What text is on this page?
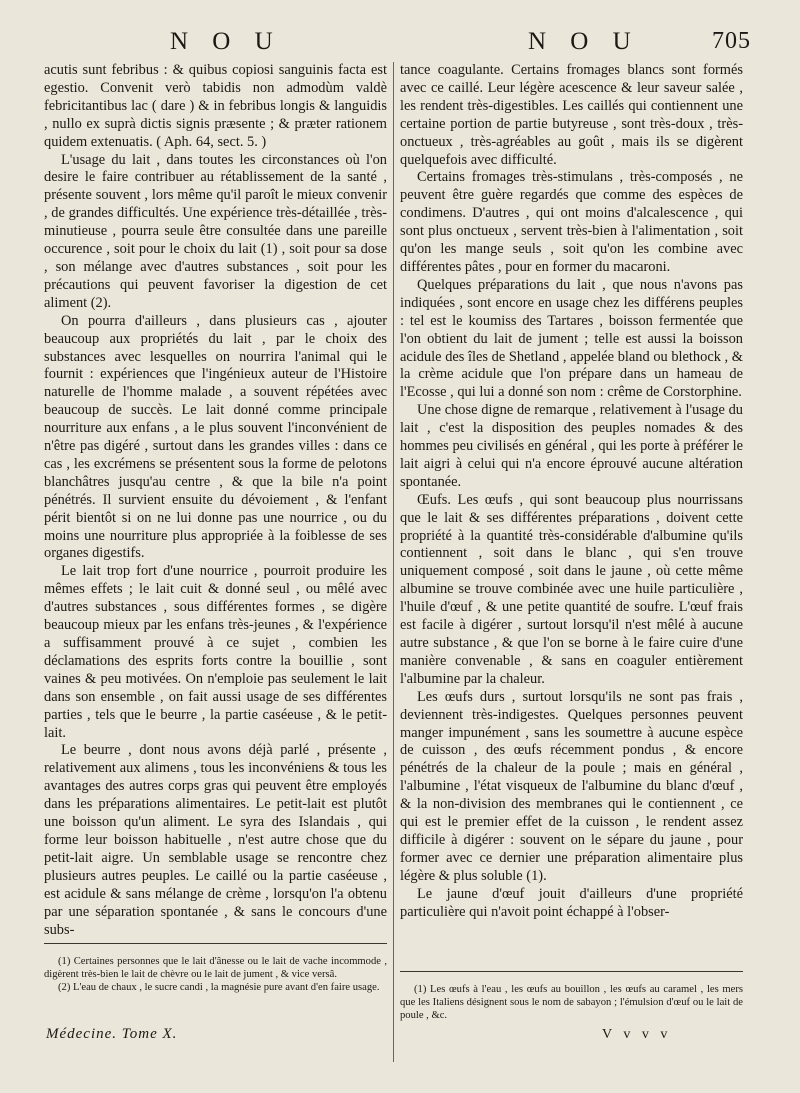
N O U	N O U	705

acutis sunt febribus : & quibus copiosi sanguinis facta est egestio. Convenit verò tabidis non admodùm valdè febricitantibus lac ( dare ) & in febribus longis & languidis , nullo ex suprà dictis signis præsente ; & præter rationem quidem extenuatis. ( Aph. 64, sect. 5. )

L'usage du lait , dans toutes les circonstances où l'on desire le faire contribuer au rétablissement de la santé , présente souvent , lors même qu'il paroît le mieux convenir , de grandes difficultés. Une expérience très-détaillée , très-minutieuse , pourra seule être consultée dans une pareille occurence , soit pour le choix du lait (1) , soit pour sa dose , son mélange avec d'autres substances , soit pour les précautions qui peuvent favoriser la digestion de cet aliment (2).

On pourra d'ailleurs , dans plusieurs cas , ajouter beaucoup aux propriétés du lait , par le choix des substances avec lesquelles on nourrira l'animal qui le fournit : expériences que l'ingénieux auteur de l'Histoire naturelle de l'homme malade , a souvent répétées avec beaucoup de succès. Le lait donné comme principale nourriture aux enfans , a le plus souvent l'inconvénient de n'être pas digéré , surtout dans les grandes villes : dans ce cas , les excrémens se présentent sous la forme de pelotons blanchâtres jusqu'au centre , & que la bile n'a point pénétrés. Il survient ensuite du dévoiement , & l'enfant périt bientôt si on ne lui donne pas une nourrice , ou du moins une nourriture plus appropriée à la foiblesse de ses organes digestifs.

Le lait trop fort d'une nourrice , pourroit produire les mêmes effets ; le lait cuit & donné seul , ou mêlé avec d'autres substances , sous différentes formes , se digère beaucoup mieux par les enfans très-jeunes , & l'expérience a suffisamment prouvé à ce sujet , combien les déclamations des esprits forts contre la bouillie , sont vaines & peu motivées. On n'emploie pas seulement le lait dans son ensemble , on fait aussi usage de ses différentes parties , tels que le beurre , la partie caséeuse , & le petit-lait.

Le beurre , dont nous avons déjà parlé , présente , relativement aux alimens , tous les inconvéniens & tous les avantages des autres corps gras qui peuvent être employés dans les préparations alimentaires. Le petit-lait est plutôt une boisson qu'un aliment. Le syra des Islandais , qui forme leur boisson habituelle , n'est autre chose que du petit-lait aigre. Un semblable usage se rencontre chez plusieurs autres peuples. Le caillé ou la partie caséeuse , est acidule & sans mélange de crème , lorsqu'on l'a obtenu par une séparation spontanée , & sans le concours d'une subs-

tance coagulante. Certains fromages blancs sont formés avec ce caillé. Leur légère acescence & leur saveur salée , les rendent très-digestibles. Les caillés qui contiennent une certaine portion de partie butyreuse , sont très-doux , très-onctueux , très-agréables au goût , mais ils se digèrent quelquefois avec difficulté.

Certains fromages très-stimulans , très-composés , ne peuvent être guère regardés que comme des espèces de condimens. D'autres , qui ont moins d'alcalescence , qui sont plus onctueux , servent très-bien à l'alimentation , soit qu'on les mange seuls , soit qu'on les combine avec différentes pâtes , pour en former du macaroni.

Quelques préparations du lait , que nous n'avons pas indiquées , sont encore en usage chez les différens peuples : tel est le koumiss des Tartares , boisson fermentée que l'on obtient du lait de jument ; telle est aussi la boisson acidule des îles de Shetland , appelée bland ou blethock , & la crème acidule que l'on prépare dans un hameau de l'Ecosse , qui lui a donné son nom : crême de Corstorphine.

Une chose digne de remarque , relativement à l'usage du lait , c'est la disposition des peuples nomades & des hommes peu civilisés en général , qui les porte à préférer le lait aigri à celui qui n'a encore éprouvé aucune altération spontanée.

Œufs. Les œufs , qui sont beaucoup plus nourrissans que le lait & ses différentes préparations , doivent cette propriété à la quantité très-considérable d'albumine qu'ils contiennent , soit dans le blanc , qui s'en trouve uniquement composé , soit dans le jaune , où cette même albumine se trouve combinée avec une huile particulière , l'huile d'œuf , & une petite quantité de soufre. L'œuf frais est facile à digérer , surtout lorsqu'il n'est mêlé à aucune autre substance , & que l'on se borne à le faire cuire d'une manière convenable , & sans en coaguler entièrement l'albumine par la chaleur.

Les œufs durs , surtout lorsqu'ils ne sont pas frais , deviennent très-indigestes. Quelques personnes peuvent manger impunément , sans les soumettre à aucune espèce de cuisson , des œufs récemment pondus , & encore pénétrés de la chaleur de la poule ; mais en général , l'albumine , l'état visqueux de l'albumine du blanc d'œuf , & la non-division des membranes qui le contiennent , ce qui est le premier effet de la cuisson , le rendent assez difficile à digérer : souvent on le sépare du jaune , pour former avec ce dernier une préparation alimentaire plus légère & plus soluble (1).

Le jaune d'œuf jouit d'ailleurs d'une propriété particulière qui n'avoit point échappé à l'obser-

(1) Certaines personnes que le lait d'ânesse ou le lait de vache incommode , digèrent très-bien le lait de chèvre ou le lait de jument , & vice versâ.

(2) L'eau de chaux , le sucre candi , la magnésie pure avant d'en faire usage.	(1) Les œufs à l'eau , les œufs au bouillon , les œufs au caramel , les mers que les Italiens désignent sous le nom de sabayon ; l'émulsion d'œuf ou le lait de poule , &c.

Médecine. Tome X.	V v v v
